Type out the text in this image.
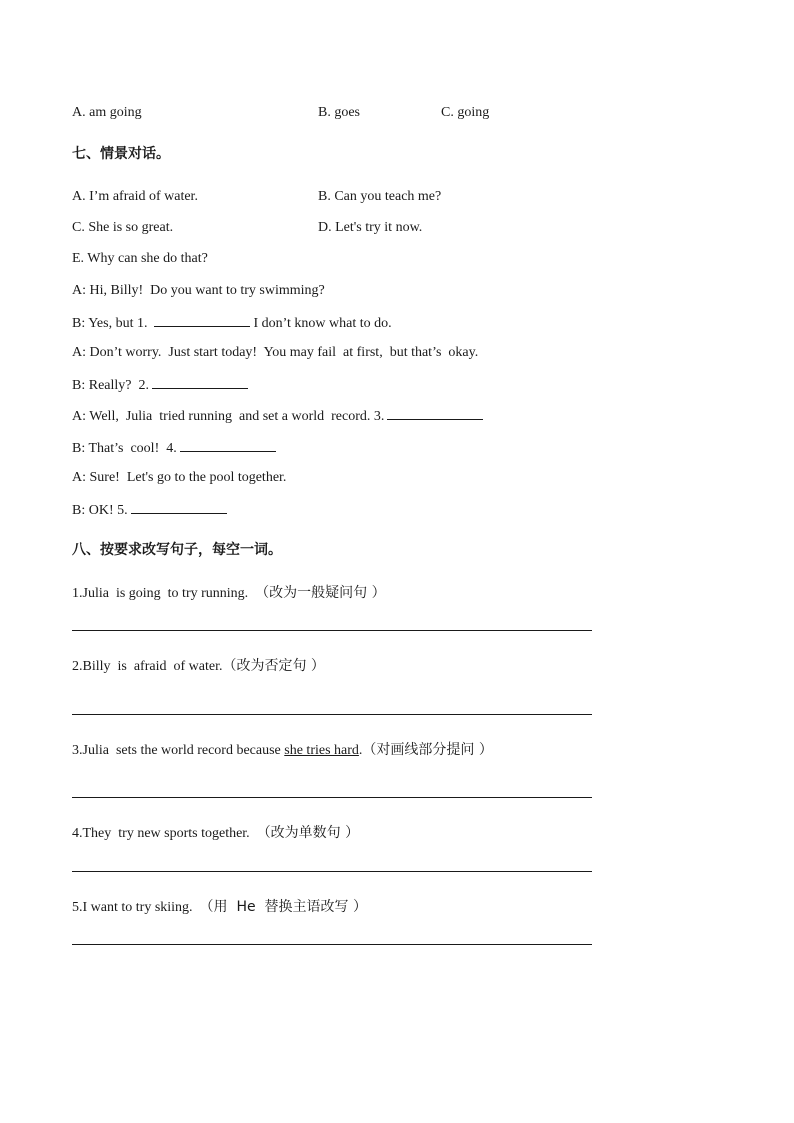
A. am going	B. goes	C. going
七、情景对话。
A. I’m afraid of water.	B. Can you teach me?
C. She is so great.	D. Let's try it now.
E. Why can she do that?
A: Hi, Billy!  Do you want to try swimming?
B: Yes, but 1.	I don’t know what to do.
A: Don’t worry.  Just start today!  You may fail  at first,  but that’s  okay.
B: Really?  2.
A: Well,  Julia  tried running  and set a world  record. 3.
B: That’s  cool!  4.
A: Sure!  Let's go to the pool together.
B: OK! 5.
八、按要求改写句子，每空一词。
1.Julia  is going  to try running.  （改为一般疑问句 ）
2.Billy  is  afraid  of water.（改为否定句 ）
3.Julia  sets the world record because she tries hard.（对画线部分提问 ）
4.They  try new sports together.  （改为单数句 ）
5.I want to try skiing.  （用  He  替换主语改写 ）
